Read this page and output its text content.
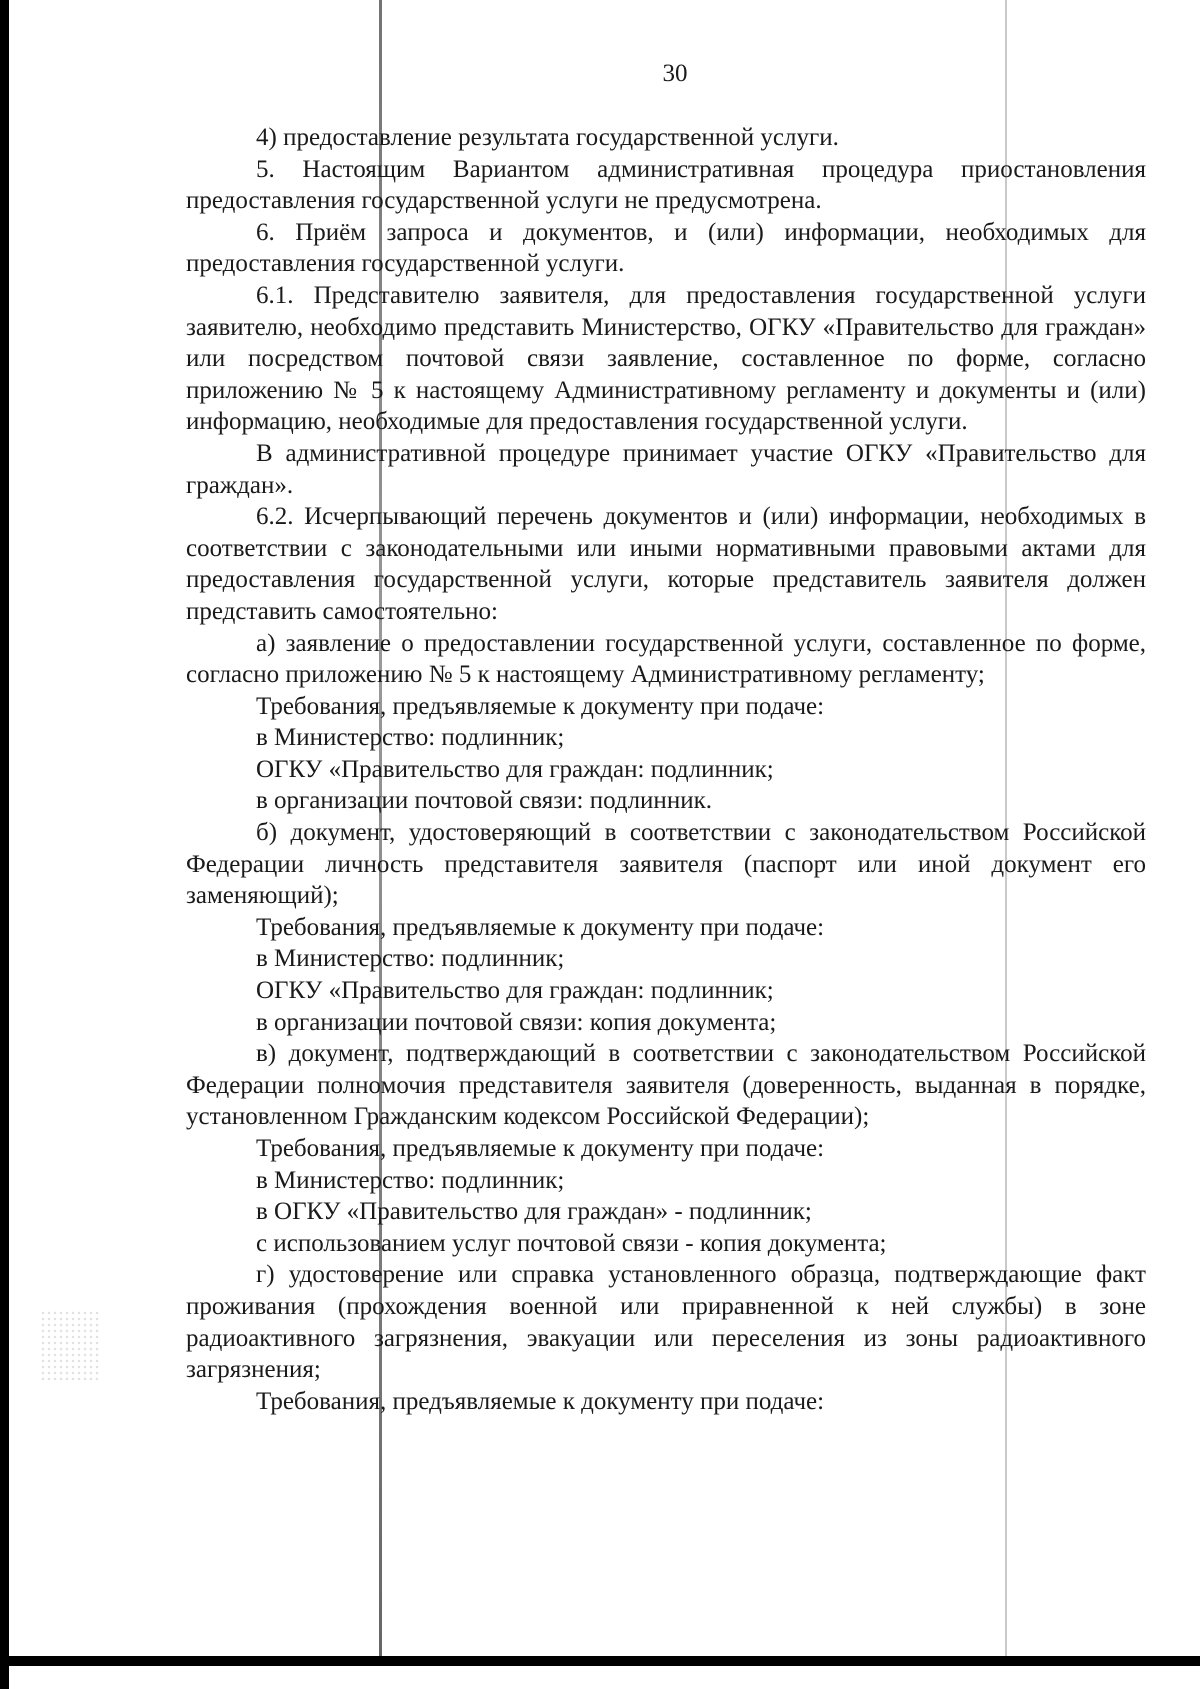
30

4) предоставление результата государственной услуги.

5. Настоящим Вариантом административная процедура приостановления предоставления государственной услуги не предусмотрена.

6. Приём запроса и документов, и (или) информации, необходимых для предоставления государственной услуги.

6.1. Представителю заявителя, для предоставления государственной услуги заявителю, необходимо представить Министерство, ОГКУ «Правительство для граждан» или посредством почтовой связи заявление, составленное по форме, согласно приложению № 5 к настоящему Административному регламенту и документы и (или) информацию, необходимые для предоставления государственной услуги.

В административной процедуре принимает участие ОГКУ «Правительство для граждан».

6.2. Исчерпывающий перечень документов и (или) информации, необходимых в соответствии с законодательными или иными нормативными правовыми актами для предоставления государственной услуги, которые представитель заявителя должен представить самостоятельно:

а) заявление о предоставлении государственной услуги, составленное по форме, согласно приложению № 5 к настоящему Административному регламенту;

Требования, предъявляемые к документу при подаче:

в Министерство: подлинник;

ОГКУ «Правительство для граждан: подлинник;

в организации почтовой связи: подлинник.

б) документ, удостоверяющий в соответствии с законодательством Российской Федерации личность представителя заявителя (паспорт или иной документ его заменяющий);

Требования, предъявляемые к документу при подаче:

в Министерство: подлинник;

ОГКУ «Правительство для граждан: подлинник;

в организации почтовой связи: копия документа;

в) документ, подтверждающий в соответствии с законодательством Российской Федерации полномочия представителя заявителя (доверенность, выданная в порядке, установленном Гражданским кодексом Российской Федерации);

Требования, предъявляемые к документу при подаче:

в Министерство: подлинник;

в ОГКУ «Правительство для граждан» - подлинник;

с использованием услуг почтовой связи - копия документа;

г) удостоверение или справка установленного образца, подтверждающие факт проживания (прохождения военной или приравненной к ней службы) в зоне радиоактивного загрязнения, эвакуации или переселения из зоны радиоактивного загрязнения;

Требования, предъявляемые к документу при подаче:
